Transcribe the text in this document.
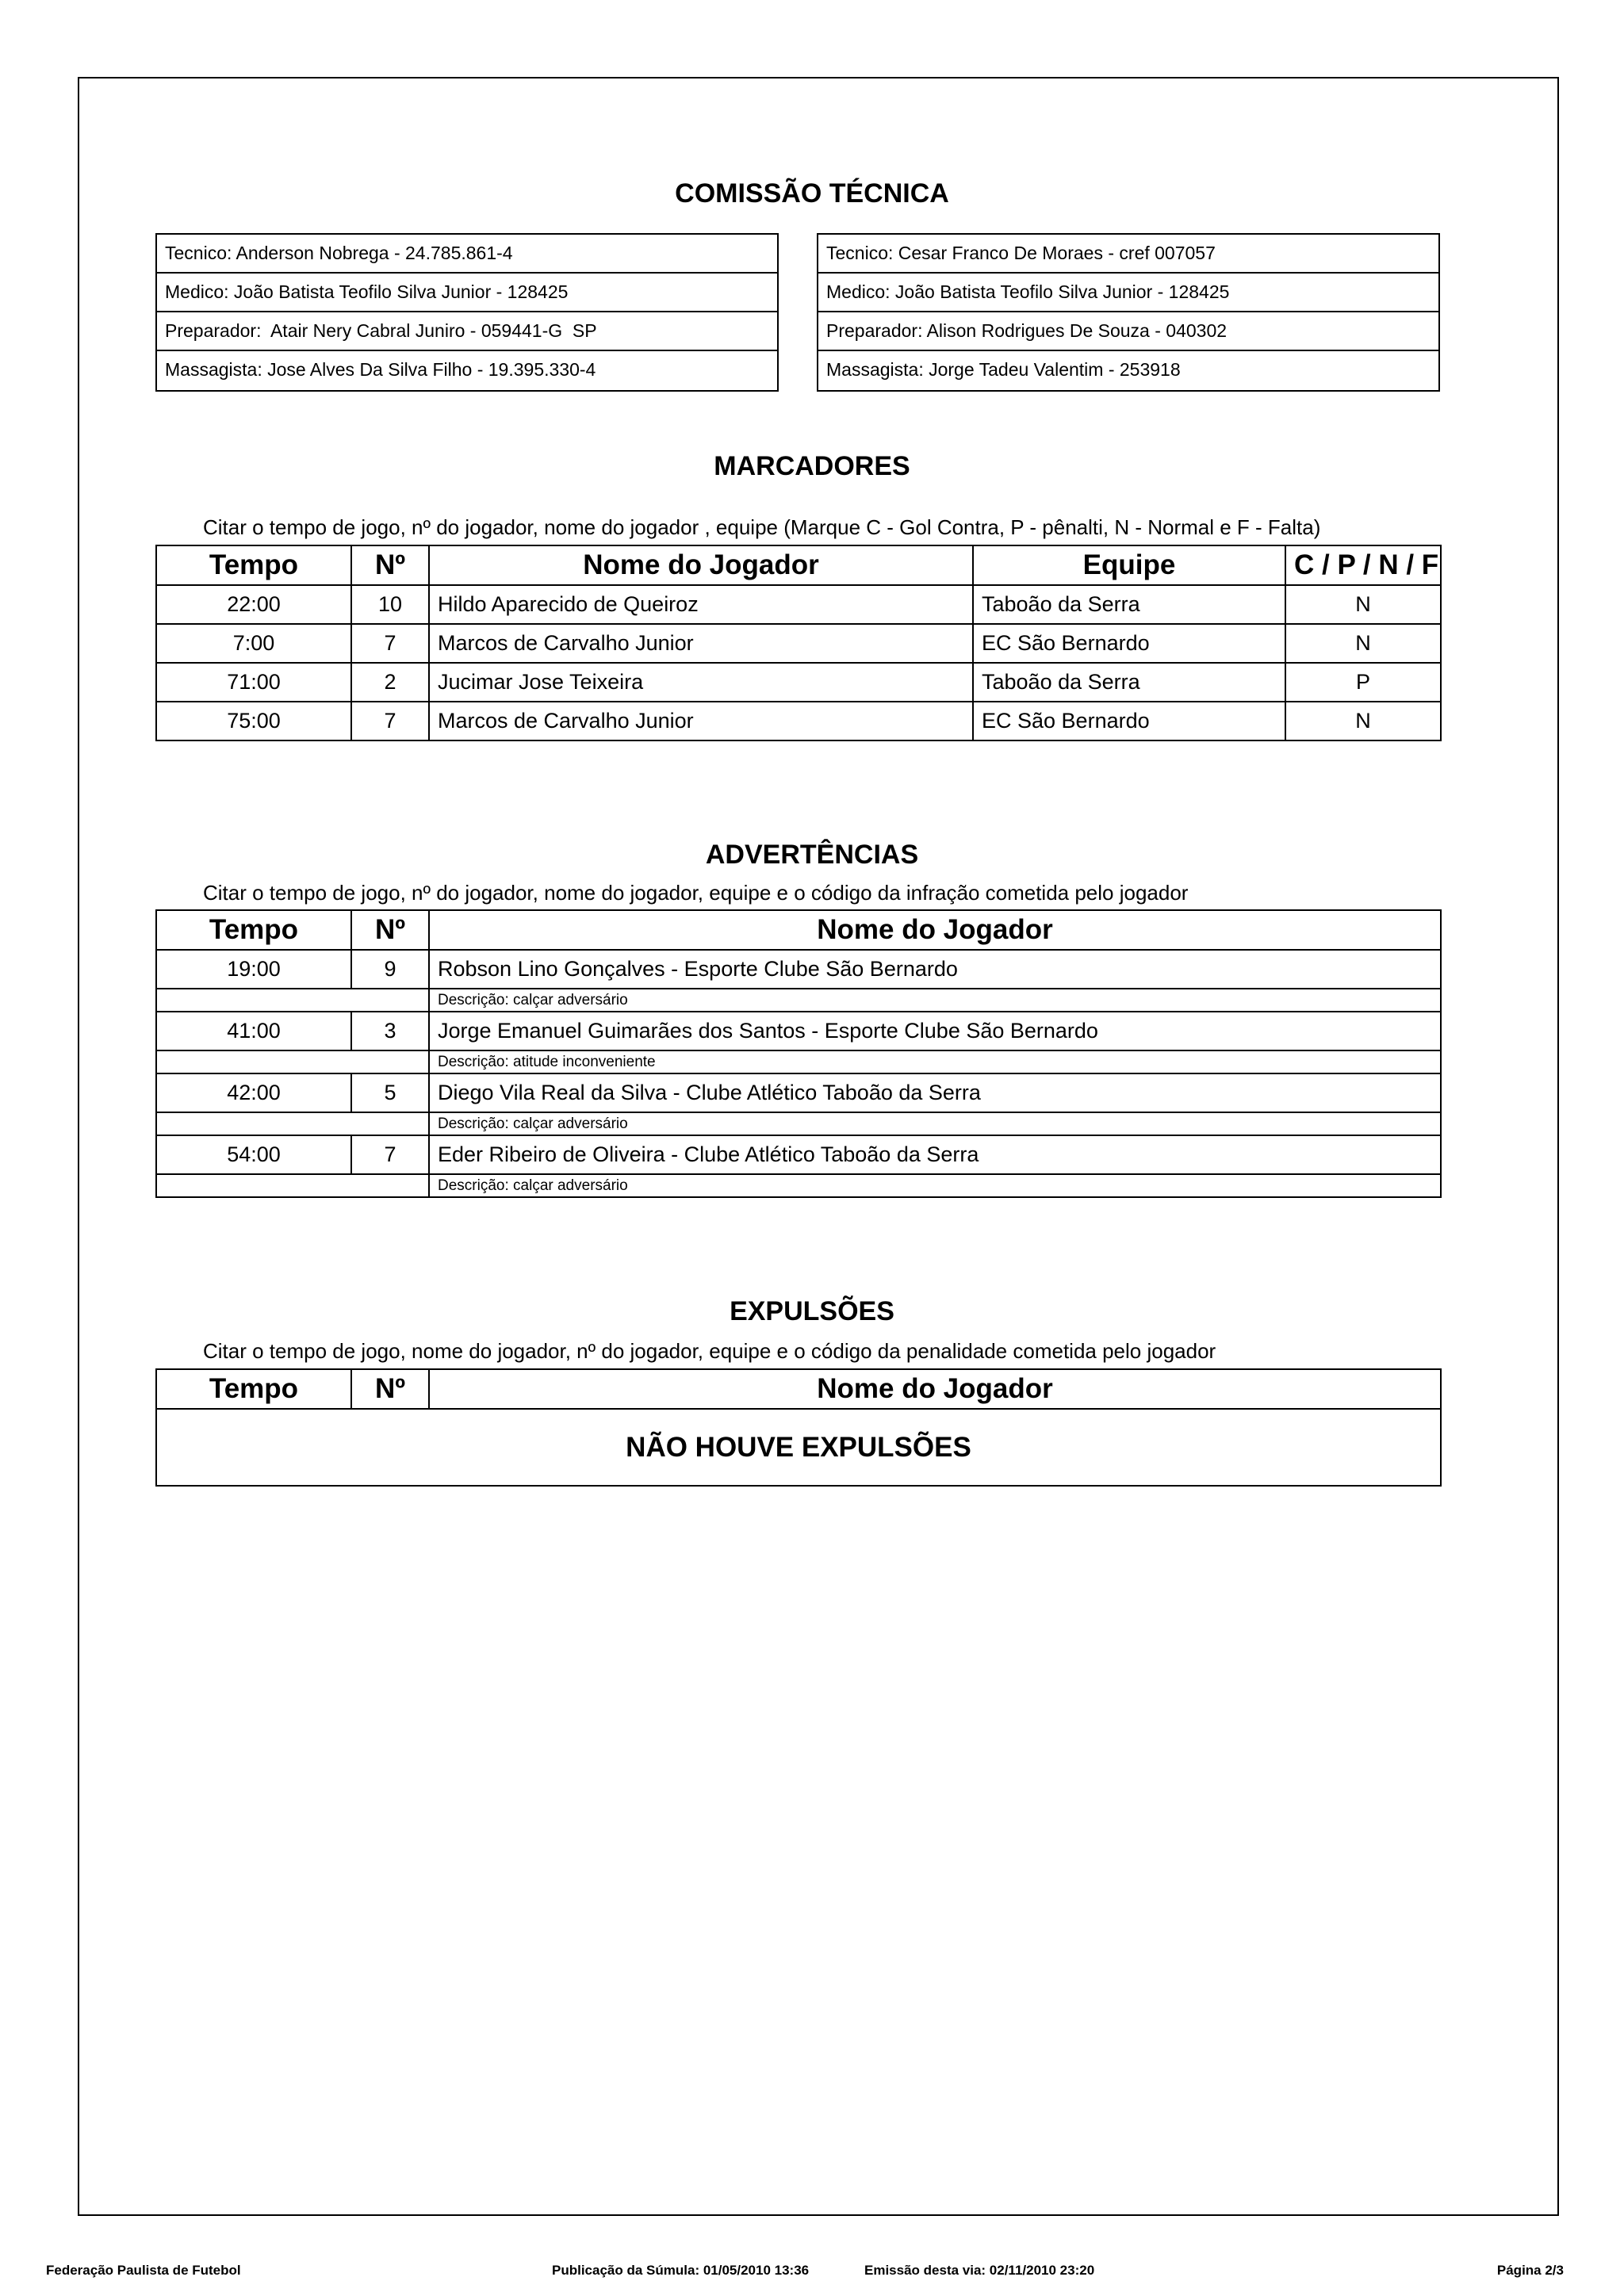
COMISSÃO TÉCNICA
Tecnico: Anderson Nobrega - 24.785.861-4
Medico: João Batista Teofilo Silva Junior - 128425
Preparador:  Atair Nery Cabral Juniro - 059441-G  SP
Massagista: Jose Alves Da Silva Filho - 19.395.330-4
Tecnico: Cesar Franco De Moraes - cref 007057
Medico: João Batista Teofilo Silva Junior - 128425
Preparador: Alison Rodrigues De Souza - 040302
Massagista: Jorge Tadeu Valentim - 253918
MARCADORES
Citar o tempo de jogo, nº do jogador, nome do jogador , equipe (Marque C - Gol Contra, P - pênalti, N - Normal e F - Falta)
Tempo	Nº	Nome do Jogador	Equipe	C / P / N / F
22:00	10	Hildo Aparecido de Queiroz	Taboão da Serra	N
7:00	7	Marcos de Carvalho Junior	EC São Bernardo	N
71:00	2	Jucimar Jose Teixeira	Taboão da Serra	P
75:00	7	Marcos de Carvalho Junior	EC São Bernardo	N
ADVERTÊNCIAS
Citar o tempo de jogo, nº do jogador, nome do jogador, equipe e o código da infração cometida pelo jogador
Tempo	Nº	Nome do Jogador
19:00	9	Robson Lino Gonçalves - Esporte Clube São Bernardo
		Descrição: calçar adversário
41:00	3	Jorge Emanuel Guimarães dos Santos - Esporte Clube São Bernardo
		Descrição: atitude inconveniente
42:00	5	Diego Vila Real da Silva - Clube Atlético Taboão da Serra
		Descrição: calçar adversário
54:00	7	Eder Ribeiro de Oliveira - Clube Atlético Taboão da Serra
		Descrição: calçar adversário
EXPULSÕES
Citar o tempo de jogo, nome do jogador, nº do jogador, equipe e o código da penalidade cometida pelo jogador
Tempo	Nº	Nome do Jogador
NÃO HOUVE EXPULSÕES
Federação Paulista de Futebol	Publicação da Súmula: 01/05/2010 13:36	Emissão desta via: 02/11/2010 23:20	Página 2/3
